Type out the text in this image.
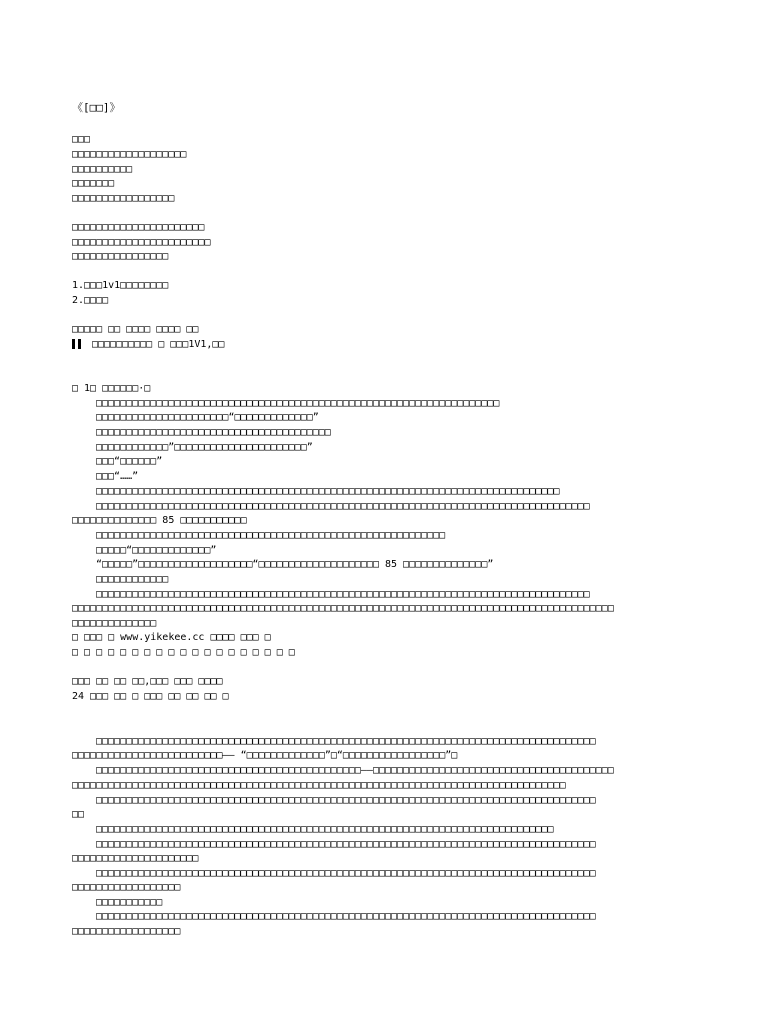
《[□□]》
□□□
□□□□□□□□□□□□□□□□□□□
□□□□□□□□□□
□□□□□□□
□□□□□□□□□□□□□□□□□
□□□□□□□□□□□□□□□□□□□□□□
□□□□□□□□□□□□□□□□□□□□□□□
□□□□□□□□□□□□□□□□
1.□□□1v1□□□□□□□□
2.□□□□
□□□□□ □□ □□□□ □□□□ □□
□□□□□□□□□□ □ □□□1V1,□□
□ 1□ □□□□□□·□
□□□□□□□□□□□□□□□□□□□□□□□□□□□□□□□□□□□□□□□□□□□□□□□□□□□□□□□□□□□□□□□□□□□
□□□□□□□□□□□□□□□□□□□□□□“□□□□□□□□□□□□□”
□□□□□□□□□□□□□□□□□□□□□□□□□□□□□□□□□□□□□□□
□□□□□□□□□□□□”□□□□□□□□□□□□□□□□□□□□□□”
□□□“□□□□□□”
□□□“……”
□□□□□□□□□□□□□□□□□□□□□□□□□□□□□□□□□□□□□□□□□□□□□□□□□□□□□□□□□□□□□□□□□□□□□□□□□□□□□
□□□□□□□□□□□□□□□□□□□□□□□□□□□□□□□□□□□□□□□□□□□□□□□□□□□□□□□□□□□□□□□□□□□□□□□□□□□□□□□□□□
□□□□□□□□□□□□□□ 85 □□□□□□□□□□□
□□□□□□□□□□□□□□□□□□□□□□□□□□□□□□□□□□□□□□□□□□□□□□□□□□□□□□□□□□
□□□□□“□□□□□□□□□□□□□”
“□□□□□”□□□□□□□□□□□□□□□□□□□“□□□□□□□□□□□□□□□□□□□□ 85 □□□□□□□□□□□□□□”
□□□□□□□□□□□□
□□□□□□□□□□□□□□□□□□□□□□□□□□□□□□□□□□□□□□□□□□□□□□□□□□□□□□□□□□□□□□□□□□□□□□□□□□□□□□□□□□
□□□□□□□□□□□□□□□□□□□□□□□□□□□□□□□□□□□□□□□□□□□□□□□□□□□□□□□□□□□□□□□□□□□□□□□□□□□□□□□□□□□□□□□□□□
□□□□□□□□□□□□□□
□ □□□ □ www.yikekee.cc □□□□ □□□ □
□ □ □ □ □ □ □ □ □ □ □ □ □ □ □ □ □ □ □
□□□ □□ □□ □□,□□□ □□□ □□□□
24 □□□ □□ □ □□□ □□ □□ □□ □
□□□□□□□□□□□□□□□□□□□□□□□□□□□□□□□□□□□□□□□□□□□□□□□□□□□□□□□□□□□□□□□□□□□□□□□□□□□□□□□□□□□
□□□□□□□□□□□□□□□□□□□□□□□□□—— “□□□□□□□□□□□□□”□“□□□□□□□□□□□□□□□□□”□
□□□□□□□□□□□□□□□□□□□□□□□□□□□□□□□□□□□□□□□□□□□□——□□□□□□□□□□□□□□□□□□□□□□□□□□□□□□□□□□□□□□□□
□□□□□□□□□□□□□□□□□□□□□□□□□□□□□□□□□□□□□□□□□□□□□□□□□□□□□□□□□□□□□□□□□□□□□□□□□□□□□□□□□□
□□□□□□□□□□□□□□□□□□□□□□□□□□□□□□□□□□□□□□□□□□□□□□□□□□□□□□□□□□□□□□□□□□□□□□□□□□□□□□□□□□□
□□
□□□□□□□□□□□□□□□□□□□□□□□□□□□□□□□□□□□□□□□□□□□□□□□□□□□□□□□□□□□□□□□□□□□□□□□□□□□□
□□□□□□□□□□□□□□□□□□□□□□□□□□□□□□□□□□□□□□□□□□□□□□□□□□□□□□□□□□□□□□□□□□□□□□□□□□□□□□□□□□□
□□□□□□□□□□□□□□□□□□□□□
□□□□□□□□□□□□□□□□□□□□□□□□□□□□□□□□□□□□□□□□□□□□□□□□□□□□□□□□□□□□□□□□□□□□□□□□□□□□□□□□□□□
□□□□□□□□□□□□□□□□□□
□□□□□□□□□□□
□□□□□□□□□□□□□□□□□□□□□□□□□□□□□□□□□□□□□□□□□□□□□□□□□□□□□□□□□□□□□□□□□□□□□□□□□□□□□□□□□□□
□□□□□□□□□□□□□□□□□□
